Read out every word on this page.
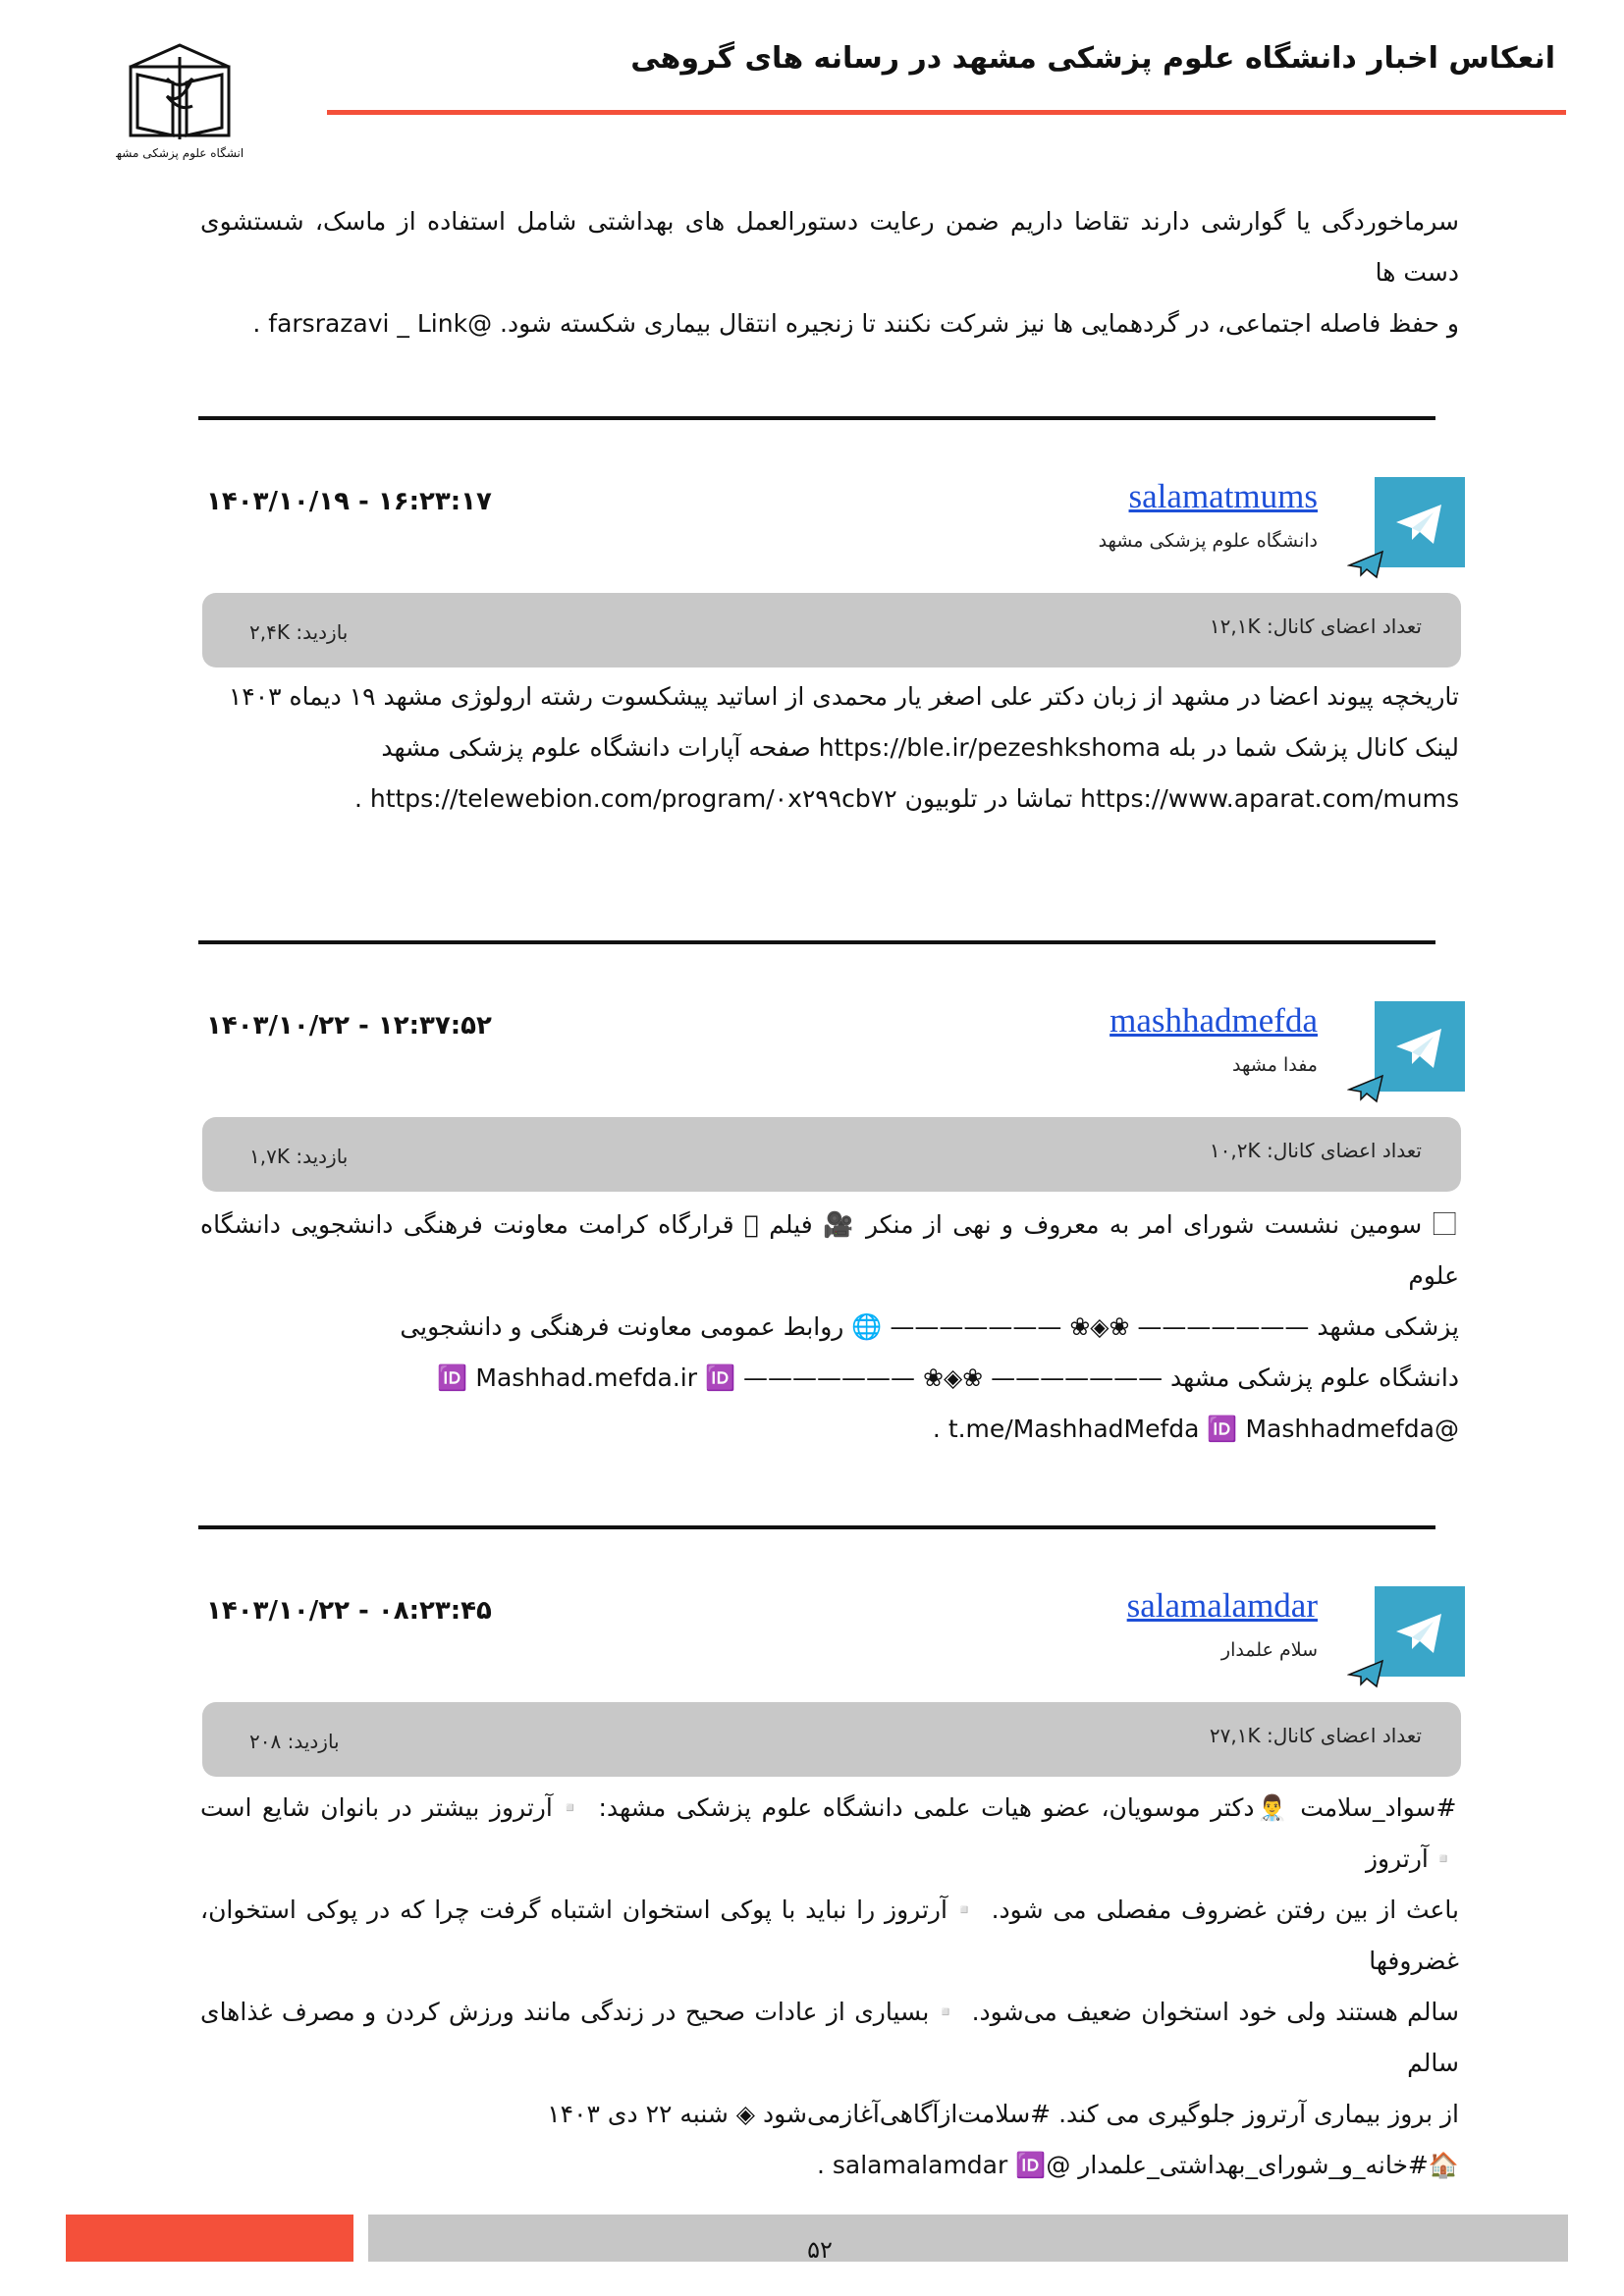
دانشگاه علوم پزشکی مشهد
انعکاس اخبار دانشگاه علوم پزشکی مشهد در رسانه های گروهی
سرماخوردگی یا گوارشی دارند تقاضا داریم ضمن رعایت دستورالعمل های بهداشتی شامل استفاده از ماسک، شستشوی دست ها
و حفظ فاصله اجتماعی، در گردهمایی ها نیز شرکت نکنند تا زنجیره انتقال بیماری شکسته شود. @farsrazavi _ Link .
salamatmums
دانشگاه علوم پزشکی مشهد
۱۴۰۳/۱۰/۱۹ - ۱۶:۲۳:۱۷
تعداد اعضای کانال: ۱۲,۱K
بازدید: ۲,۴K
تاریخچه پیوند اعضا در مشهد از زبان دکتر علی اصغر یار محمدی از اساتید پیشکسوت رشته ارولوژی مشهد ۱۹ دیماه ۱۴۰۳
لینک کانال پزشک شما در بله https://ble.ir/pezeshkshoma صفحه آپارات دانشگاه علوم پزشکی مشهد
https://www.aparat.com/mums تماشا در تلوبیون https://telewebion.com/program/۰x۲۹۹cb۷۲ .
mashhadmefda
مفدا مشهد
۱۴۰۳/۱۰/۲۲ - ۱۲:۳۷:۵۲
تعداد اعضای کانال: ۱۰,۲K
بازدید: ۱,۷K
⃞ سومین نشست شورای امر به معروف و نهی از منکر 🎥 فیلم ⃞ قرارگاه کرامت معاونت فرهنگی دانشجویی دانشگاه علوم
پزشکی مشهد ——————— ❀◈❀ ——————— 🌐 روابط عمومی معاونت فرهنگی و دانشجویی
دانشگاه علوم پزشکی مشهد ——————— ❀◈❀ ——————— 🆔 Mashhad.mefda.ir 🆔
@t.me/MashhadMefda 🆔 Mashhadmefda .
salamalamdar
سلام علمدار
۱۴۰۳/۱۰/۲۲ - ۰۸:۲۳:۴۵
تعداد اعضای کانال: ۲۷,۱K
بازدید: ۲۰۸
#سواد_سلامت 👨‍⚕️دکتر موسویان، عضو هیات علمی دانشگاه علوم پزشکی مشهد: ▫️آرتروز بیشتر در بانوان شایع است ▫️آرتروز
باعث از بین رفتن غضروف مفصلی می شود. ▫️آرتروز را نباید با پوکی استخوان اشتباه گرفت چرا که در پوکی استخوان، غضروفها
سالم هستند ولی خود استخوان ضعیف می‌شود. ▫️بسیاری از عادات صحیح در زندگی مانند ورزش کردن و مصرف غذاهای سالم
از بروز بیماری آرتروز جلوگیری می کند. #سلامت‌از‌آگاهی‌آغاز‌می‌شود ◈ شنبه ۲۲ دی ۱۴۰۳
🏠#خانه_و_شورای_بهداشتی_علمدار @salamalamdar 🆔 .
۵۲
